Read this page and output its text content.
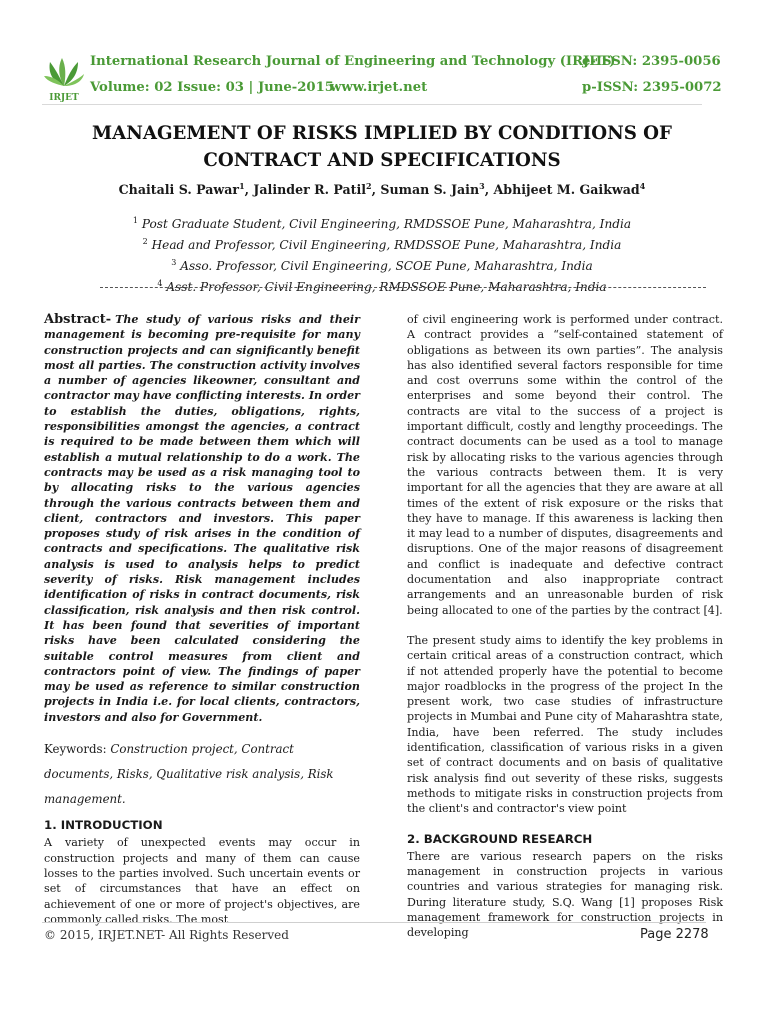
IRJET
International Research Journal of Engineering and Technology (IRJET)
e-ISSN: 2395-0056
Volume: 02 Issue: 03 | June-2015
www.irjet.net	p-ISSN: 2395-0072
MANAGEMENT OF RISKS IMPLIED BY CONDITIONS OF CONTRACT AND SPECIFICATIONS
Chaitali S. Pawar$^1$, Jalinder R. Patil$^2$, Suman S. Jain$^3$, Abhijeet M. Gaikwad$^4$
$^1$ Post Graduate Student, Civil Engineering, RMDSSOE Pune, Maharashtra, India
$^2$ Head and Professor, Civil Engineering, RMDSSOE Pune, Maharashtra, India
$^3$ Asso. Professor, Civil Engineering, SCOE Pune, Maharashtra, India
$^4$ Asst. Professor, Civil Engineering, RMDSSOE Pune, Maharashtra, India

Abstract- The study of various risks and their management is becoming pre-requisite for many construction projects and can significantly benefit most all parties. The construction activity involves a number of agencies likeowner, consultant and contractor may have conflicting interests. In order to establish the duties, obligations, rights, responsibilities amongst the agencies, a contract is required to be made between them which will establish a mutual relationship to do a work. The contracts may be used as a risk managing tool to by allocating risks to the various agencies through the various contracts between them and client, contractors and investors. This paper proposes study of risk arises in the condition of contracts and specifications. The qualitative risk analysis is used to analysis helps to predict severity of risks. Risk management includes identification of risks in contract documents, risk classification, risk analysis and then risk control. It has been found that severities of important risks have been calculated considering the suitable control measures from client and contractors point of view. The findings of paper may be used as reference to similar construction projects in India i.e. for local clients, contractors, investors and also for Government.

Keywords: Construction project, Contract documents, Risks, Qualitative risk analysis, Risk management.
1. INTRODUCTION

A variety of unexpected events may occur in construction projects and many of them can cause losses to the parties involved. Such uncertain events or set of circumstances that have an effect on achievement of one or more of project's objectives, are commonly called risks. The most

of civil engineering work is performed under contract. A contract provides a “self-contained statement of obligations as between its own parties”. The analysis has also identified several factors responsible for time and cost overruns some within the control of the enterprises and some beyond their control. The contracts are vital to the success of a project is important difficult, costly and lengthy proceedings. The contract documents can be used as a tool to manage risk by allocating risks to the various agencies through the various contracts between them. It is very important for all the agencies that they are aware at all times of the extent of risk exposure or the risks that they have to manage. If this awareness is lacking then it may lead to a number of disputes, disagreements and disruptions. One of the major reasons of disagreement and conflict is inadequate and defective contract documentation and also inappropriate contract arrangements and an unreasonable burden of risk being allocated to one of the parties by the contract [4].

The present study aims to identify the key problems in certain critical areas of a construction contract, which if not attended properly have the potential to become major roadblocks in the progress of the project In the present work, two case studies of infrastructure projects in Mumbai and Pune city of Maharashtra state, India, have been referred. The study includes identification, classification of various risks in a given set of contract documents and on basis of qualitative risk analysis find out severity of these risks, suggests methods to mitigate risks in construction projects from the client's and contractor's view point

2. BACKGROUND RESEARCH

There are various research papers on the risks management in construction projects in various countries and various strategies for managing risk. During literature study, S.Q. Wang [1] proposes Risk management framework for construction projects in developing

© 2015, IRJET.NET- All Rights Reserved	Page 2278
